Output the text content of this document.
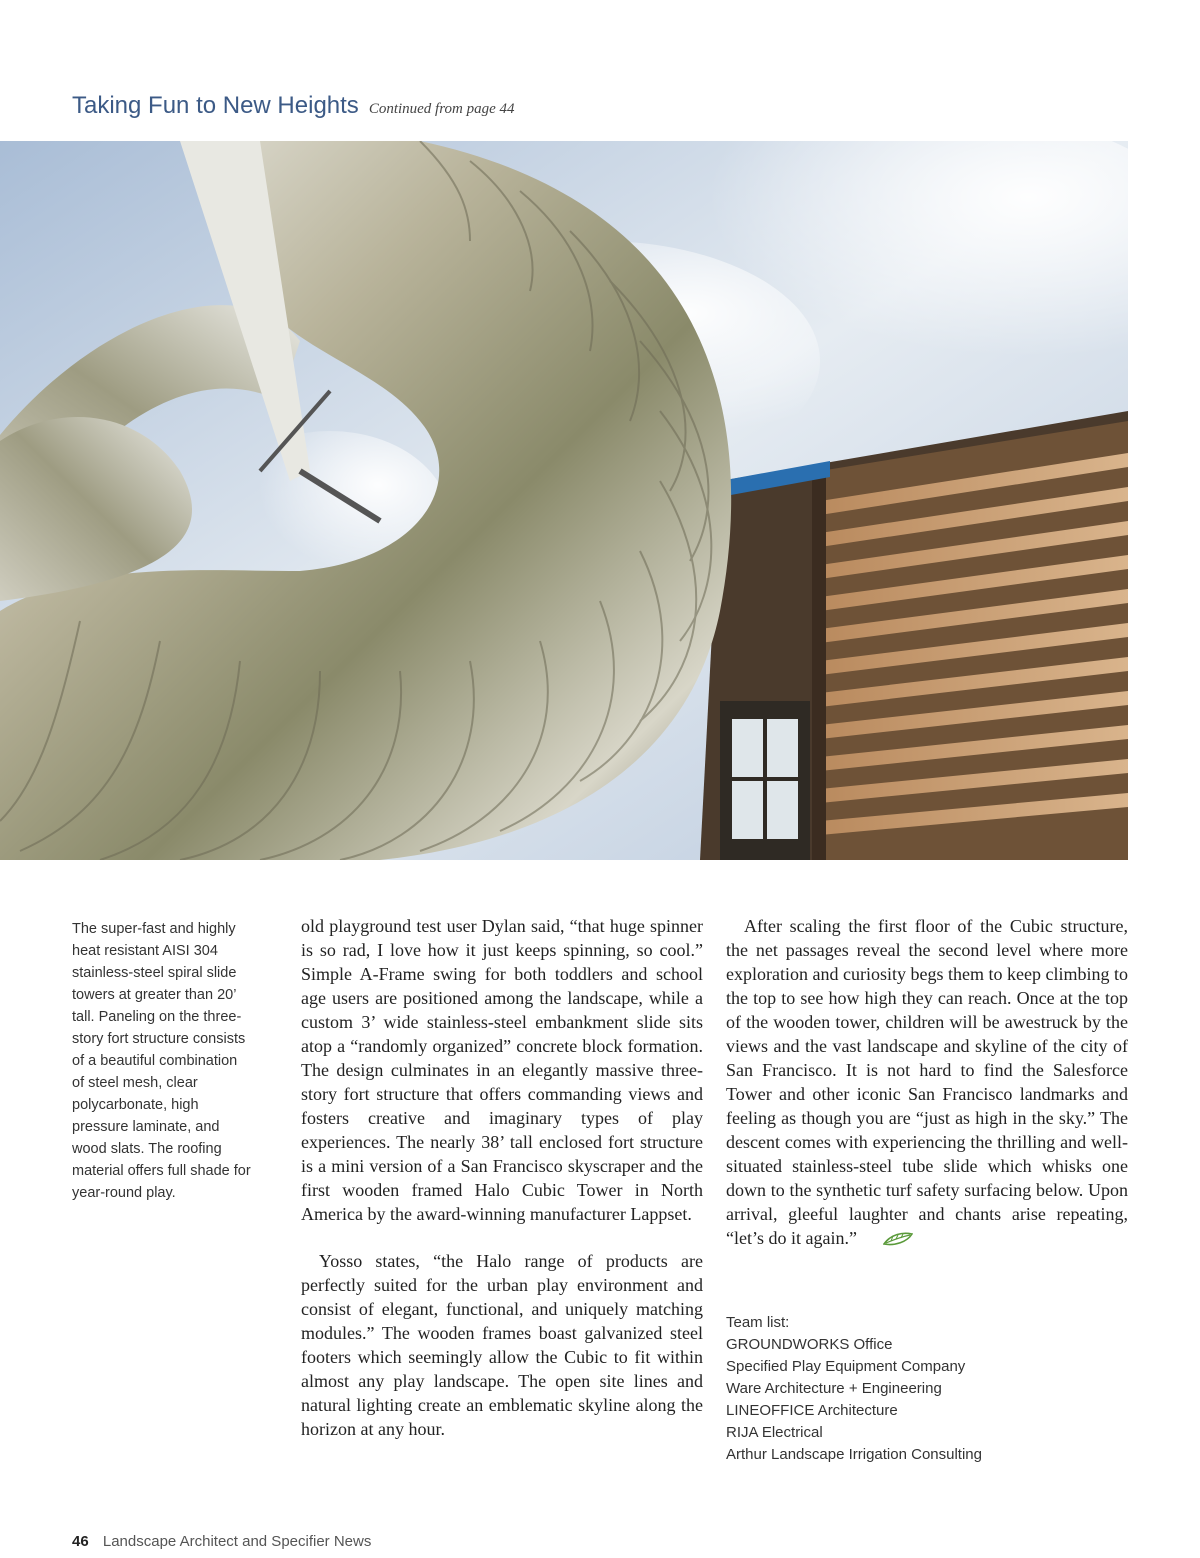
Taking Fun to New Heights Continued from page 44
The super-fast and highly heat resistant AISI 304 stainless-steel spiral slide towers at greater than 20’ tall. Paneling on the three-story fort structure consists of a beautiful combination of steel mesh, clear polycarbonate, high pressure laminate, and wood slats. The roofing material offers full shade for year-round play.

old playground test user Dylan said, “that huge spinner is so rad, I love how it just keeps spinning, so cool.” Simple A-Frame swing for both toddlers and school age users are positioned among the landscape, while a custom 3’ wide stainless-steel embankment slide sits atop a “randomly organized” concrete block formation. The design culminates in an elegantly massive three-story fort structure that offers commanding views and fosters creative and imaginary types of play experiences. The nearly 38’ tall enclosed fort structure is a mini version of a San Francisco skyscraper and the first wooden framed Halo Cubic Tower in North America by the award-winning manufacturer Lappset.

Yosso states, “the Halo range of products are perfectly suited for the urban play environment and consist of elegant, functional, and uniquely matching modules.” The wooden frames boast galvanized steel footers which seemingly allow the Cubic to fit within almost any play landscape. The open site lines and natural lighting create an emblematic skyline along the horizon at any hour.

After scaling the first floor of the Cubic structure, the net passages reveal the second level where more exploration and curiosity begs them to keep climbing to the top to see how high they can reach. Once at the top of the wooden tower, children will be awestruck by the views and the vast landscape and skyline of the city of San Francisco. It is not hard to find the Salesforce Tower and other iconic San Francisco landmarks and feeling as though you are “just as high in the sky.” The descent comes with experiencing the thrilling and well-situated stainless-steel tube slide which whisks one down to the synthetic turf safety surfacing below. Upon arrival, gleeful laughter and chants arise repeating, “let’s do it again.”

Team list:
GROUNDWORKS Office
Specified Play Equipment Company
Ware Architecture + Engineering
LINEOFFICE Architecture
RIJA Electrical
Arthur Landscape Irrigation Consulting
46 Landscape Architect and Specifier News
